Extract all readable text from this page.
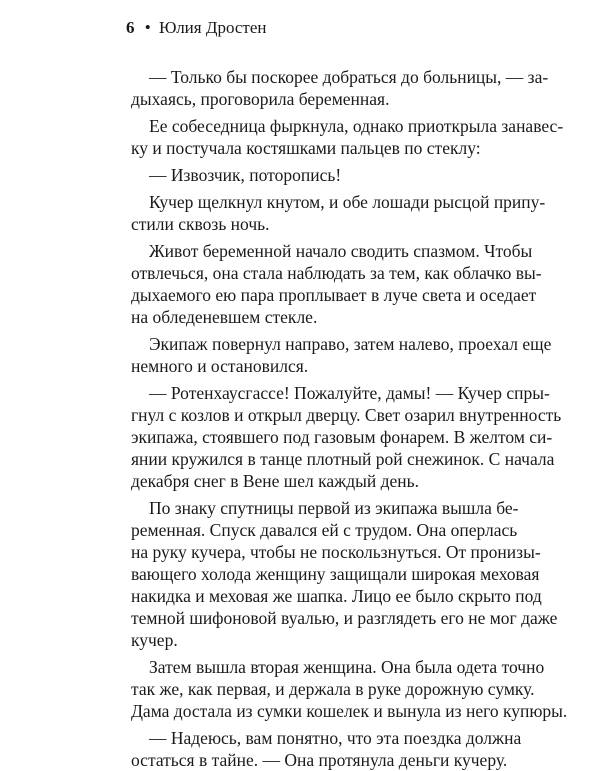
6 • Юлия Дростен
— Только бы поскорее добраться до больницы, — за-
дыхаясь, проговорила беременная.
Ее собеседница фыркнула, однако приоткрыла занавес-
ку и постучала костяшками пальцев по стеклу:
— Извозчик, поторопись!
Кучер щелкнул кнутом, и обе лошади рысцой припу-
стили сквозь ночь.
Живот беременной начало сводить спазмом. Чтобы
отвлечься, она стала наблюдать за тем, как облачко вы-
дыхаемого ею пара проплывает в луче света и оседает
на обледеневшем стекле.
Экипаж повернул направо, затем налево, проехал еще
немного и остановился.
— Ротенхаусгассе! Пожалуйте, дамы! — Кучер спры-
гнул с козлов и открыл дверцу. Свет озарил внутренность
экипажа, стоявшего под газовым фонарем. В желтом си-
янии кружился в танце плотный рой снежинок. С начала
декабря снег в Вене шел каждый день.
По знаку спутницы первой из экипажа вышла бе-
ременная. Спуск давался ей с трудом. Она оперлась
на руку кучера, чтобы не поскользнуться. От пронизы-
вающего холода женщину защищали широкая меховая
накидка и меховая же шапка. Лицо ее было скрыто под
темной шифоновой вуалью, и разглядеть его не мог даже
кучер.
Затем вышла вторая женщина. Она была одета точно
так же, как первая, и держала в руке дорожную сумку.
Дама достала из сумки кошелек и вынула из него купюры.
— Надеюсь, вам понятно, что эта поездка должна
остаться в тайне. — Она протянула деньги кучеру.
